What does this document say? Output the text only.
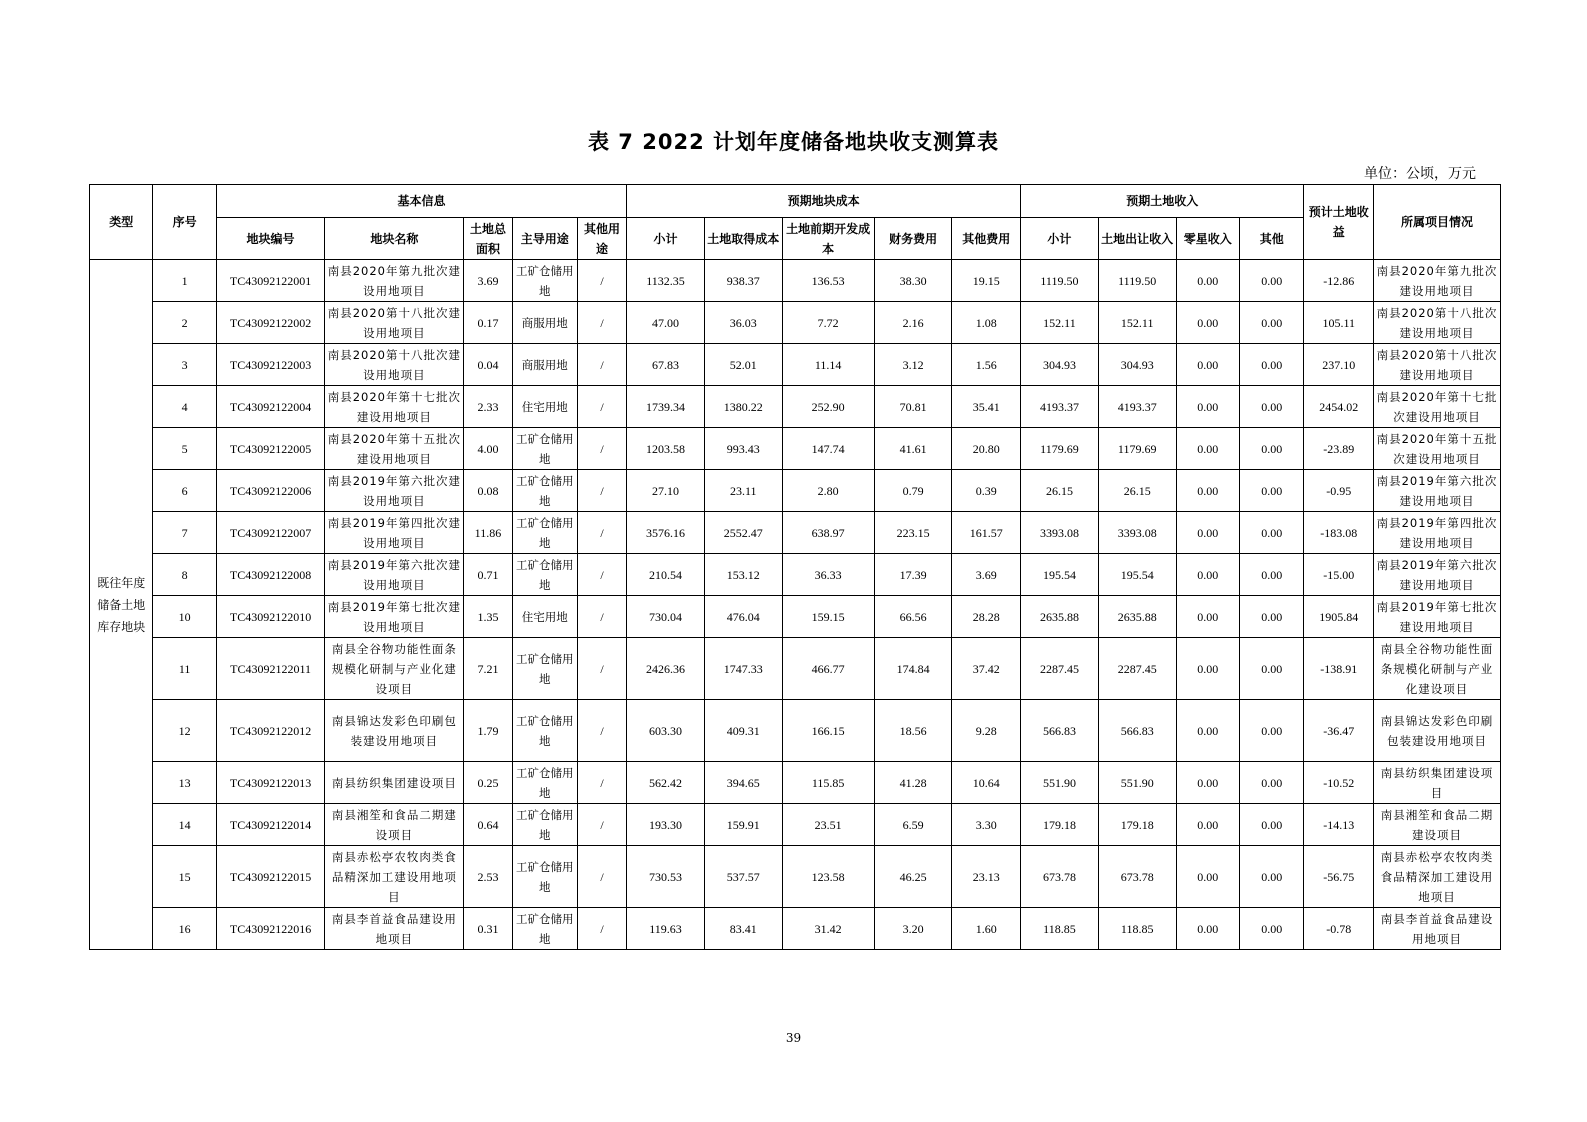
表 7 2022 计划年度储备地块收支测算表
单位：公顷，万元
类型	序号	基本信息					预期地块成本					预期土地收入				预计土地收益	所属项目情况
		地块编号	地块名称	土地总面积	主导用途	其他用途	小计	土地取得成本	土地前期开发成本	财务费用	其他费用	小计	土地出让收入	零星收入	其他		
既往年度储备土地库存地块	1	TC43092122001	南县2020年第九批次建设用地项目	3.69	工矿仓储用地	/	1132.35	938.37	136.53	38.30	19.15	1119.50	1119.50	0.00	0.00	-12.86	南县2020年第九批次建设用地项目
	2	TC43092122002	南县2020第十八批次建设用地项目	0.17	商服用地	/	47.00	36.03	7.72	2.16	1.08	152.11	152.11	0.00	0.00	105.11	南县2020第十八批次建设用地项目
	3	TC43092122003	南县2020第十八批次建设用地项目	0.04	商服用地	/	67.83	52.01	11.14	3.12	1.56	304.93	304.93	0.00	0.00	237.10	南县2020第十八批次建设用地项目
	4	TC43092122004	南县2020年第十七批次建设用地项目	2.33	住宅用地	/	1739.34	1380.22	252.90	70.81	35.41	4193.37	4193.37	0.00	0.00	2454.02	南县2020年第十七批次建设用地项目
	5	TC43092122005	南县2020年第十五批次建设用地项目	4.00	工矿仓储用地	/	1203.58	993.43	147.74	41.61	20.80	1179.69	1179.69	0.00	0.00	-23.89	南县2020年第十五批次建设用地项目
	6	TC43092122006	南县2019年第六批次建设用地项目	0.08	工矿仓储用地	/	27.10	23.11	2.80	0.79	0.39	26.15	26.15	0.00	0.00	-0.95	南县2019年第六批次建设用地项目
	7	TC43092122007	南县2019年第四批次建设用地项目	11.86	工矿仓储用地	/	3576.16	2552.47	638.97	223.15	161.57	3393.08	3393.08	0.00	0.00	-183.08	南县2019年第四批次建设用地项目
	8	TC43092122008	南县2019年第六批次建设用地项目	0.71	工矿仓储用地	/	210.54	153.12	36.33	17.39	3.69	195.54	195.54	0.00	0.00	-15.00	南县2019年第六批次建设用地项目
	10	TC43092122010	南县2019年第七批次建设用地项目	1.35	住宅用地	/	730.04	476.04	159.15	66.56	28.28	2635.88	2635.88	0.00	0.00	1905.84	南县2019年第七批次建设用地项目
	11	TC43092122011	南县全谷物功能性面条规模化研制与产业化建设项目	7.21	工矿仓储用地	/	2426.36	1747.33	466.77	174.84	37.42	2287.45	2287.45	0.00	0.00	-138.91	南县全谷物功能性面条规模化研制与产业化建设项目
	12	TC43092122012	南县锦达发彩色印刷包装建设用地项目	1.79	工矿仓储用地	/	603.30	409.31	166.15	18.56	9.28	566.83	566.83	0.00	0.00	-36.47	南县锦达发彩色印刷包装建设用地项目
	13	TC43092122013	南县纺织集团建设项目	0.25	工矿仓储用地	/	562.42	394.65	115.85	41.28	10.64	551.90	551.90	0.00	0.00	-10.52	南县纺织集团建设项目
	14	TC43092122014	南县湘笙和食品二期建设项目	0.64	工矿仓储用地	/	193.30	159.91	23.51	6.59	3.30	179.18	179.18	0.00	0.00	-14.13	南县湘笙和食品二期建设项目
	15	TC43092122015	南县赤松亭农牧肉类食品精深加工建设用地项目	2.53	工矿仓储用地	/	730.53	537.57	123.58	46.25	23.13	673.78	673.78	0.00	0.00	-56.75	南县赤松亭农牧肉类食品精深加工建设用地项目
	16	TC43092122016	南县李首益食品建设用地项目	0.31	工矿仓储用地	/	119.63	83.41	31.42	3.20	1.60	118.85	118.85	0.00	0.00	-0.78	南县李首益食品建设用地项目
39
